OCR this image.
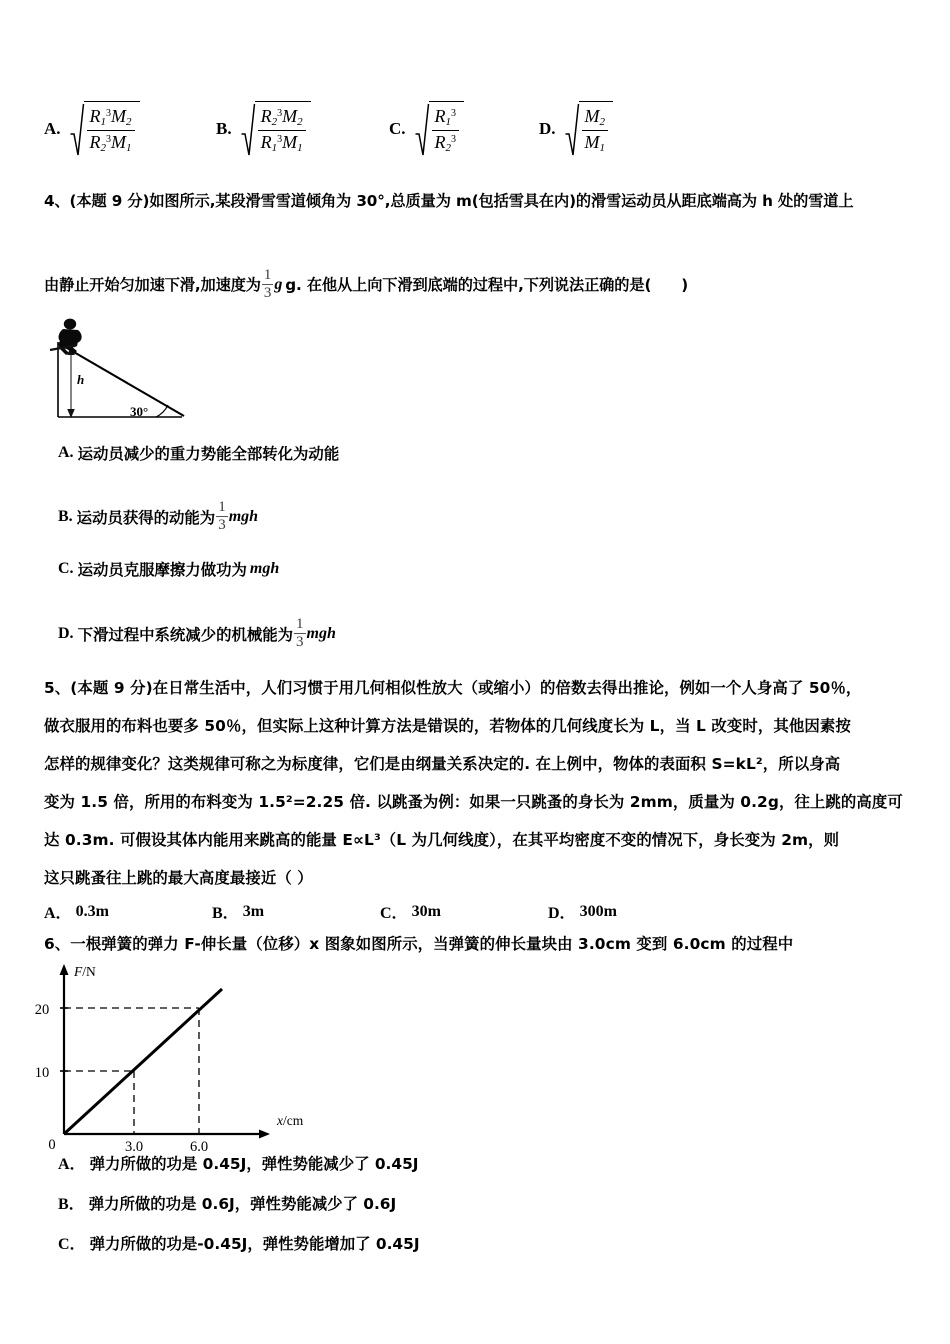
A. $\frac{R1^3M2}{R2^3M1}$	B. $\frac{R2^3M2}{R1^3M1}$	C. $\frac{R1^3}{R2^3}$	D. $\frac{M2}{M1}$
4、(本题 9 分)如图所示,某段滑雪雪道倾角为 30°,总质量为 m(包括雪具在内)的滑雪运动员从距底端高为 h 处的雪道上
由静止开始匀加速下滑,加速度为 $\frac{1}{3}$ g g. 在他从上向下滑到底端的过程中,下列说法正确的是( )
h
30°
A. 运动员减少的重力势能全部转化为动能
B. 运动员获得的动能为 $\frac{1}{3}$ mgh
C. 运动员克服摩擦力做功为 mgh
D. 下滑过程中系统减少的机械能为 $\frac{1}{3}$ mgh
5、(本题 9 分)在日常生活中，人们习惯于用几何相似性放大（或缩小）的倍数去得出推论，例如一个人身高了 50％，
做衣服用的布料也要多 50％，但实际上这种计算方法是错误的，若物体的几何线度长为 L，当 L 改变时，其他因素按
怎样的规律变化？这类规律可称之为标度律，它们是由纲量关系决定的. 在上例中，物体的表面积 S=kL²，所以身高
变为 1.5 倍，所用的布料变为 1.5²=2.25 倍. 以跳蚤为例：如果一只跳蚤的身长为 2mm，质量为 0.2g，往上跳的高度可
达 0.3m. 可假设其体内能用来跳高的能量 E∝L³（L 为几何线度），在其平均密度不变的情况下，身长变为 2m，则
这只跳蚤往上跳的最大高度最接近（ ）
A． 0.3m	B． 3m	C． 30m	D． 300m
6、一根弹簧的弹力 F-伸长量（位移）x 图象如图所示，当弹簧的伸长量块由 3.0cm 变到 6.0cm 的过程中
F/N
x/cm
20
10
0	3.0	6.0
A． 弹力所做的功是 0.45J，弹性势能减少了 0.45J
B． 弹力所做的功是 0.6J，弹性势能减少了 0.6J
C． 弹力所做的功是-0.45J，弹性势能增加了 0.45J
